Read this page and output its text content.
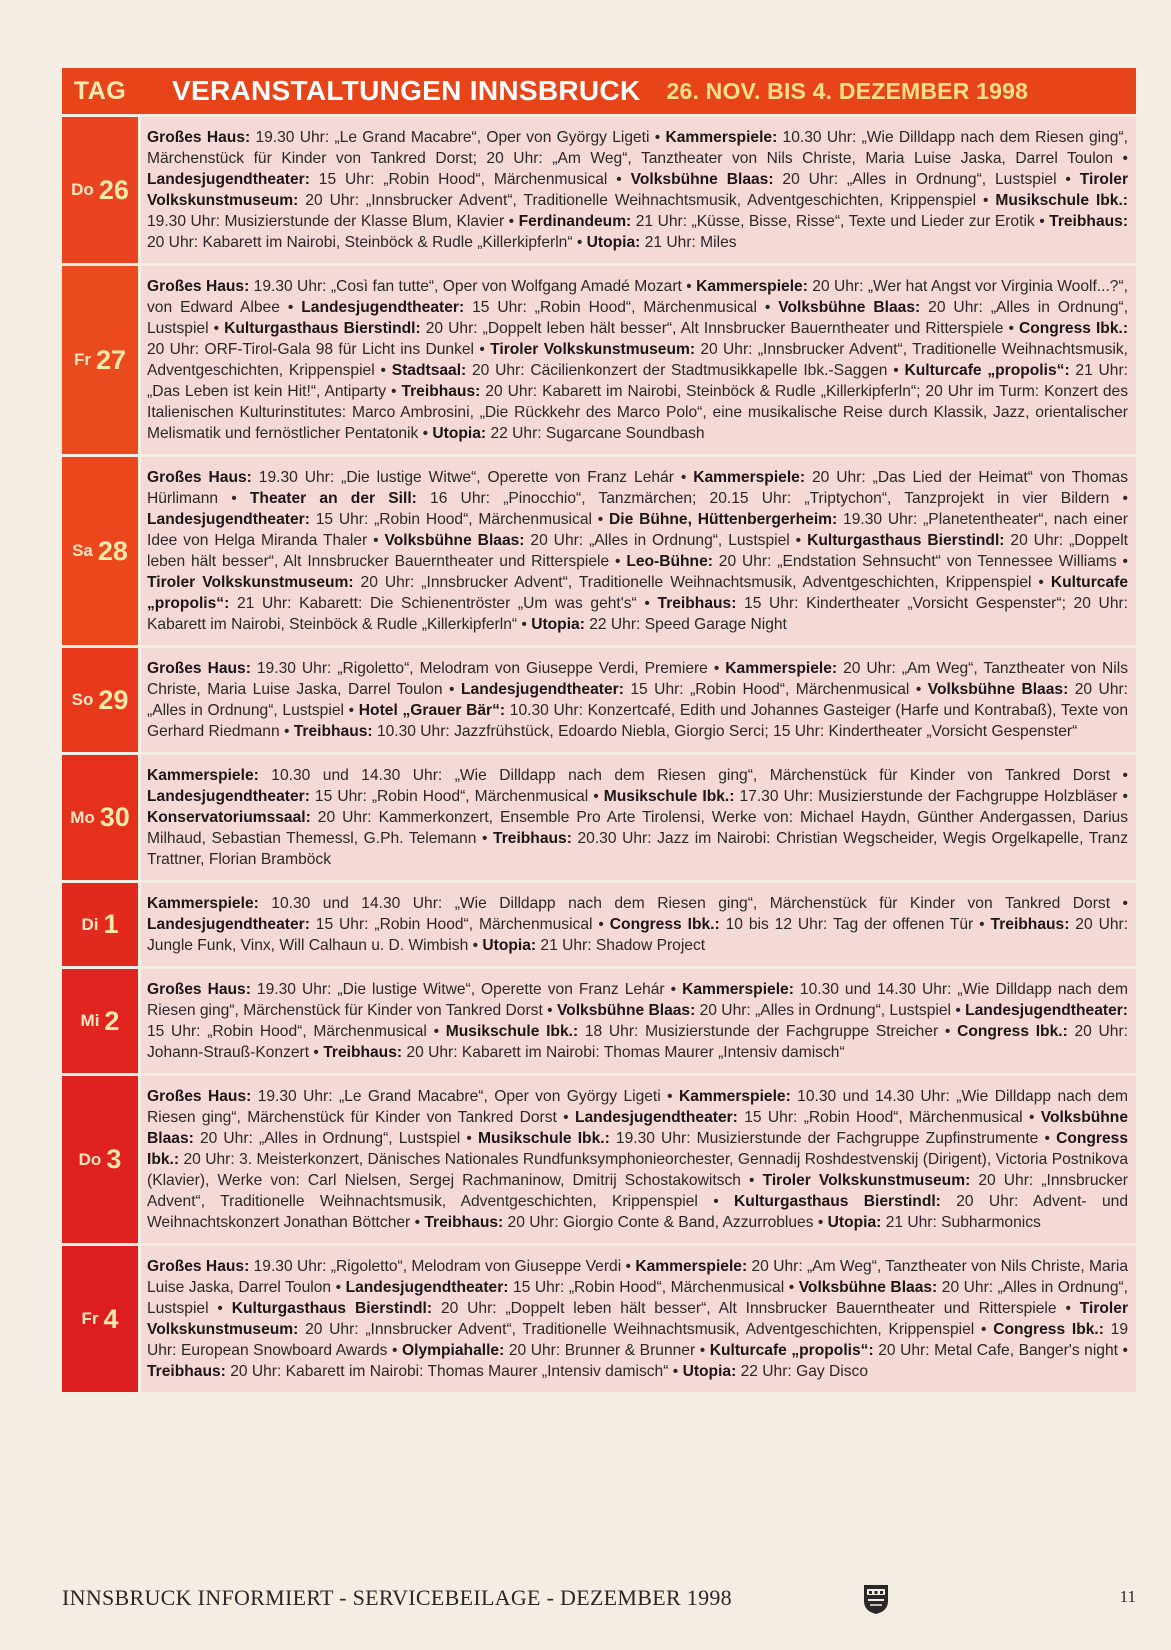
TAG	VERANSTALTUNGEN INNSBRUCK 26. NOV. BIS 4. DEZEMBER 1998
Do 26
Großes Haus: 19.30 Uhr: „Le Grand Macabre“, Oper von György Ligeti • Kammerspiele: 10.30 Uhr: „Wie Dilldapp nach dem Riesen ging“, Märchenstück für Kinder von Tankred Dorst; 20 Uhr: „Am Weg“, Tanztheater von Nils Christe, Maria Luise Jaska, Darrel Toulon • Landesjugendtheater: 15 Uhr: „Robin Hood“, Märchenmusical • Volksbühne Blaas: 20 Uhr: „Alles in Ordnung“, Lustspiel • Tiroler Volkskunstmuseum: 20 Uhr: „Innsbrucker Advent“, Traditionelle Weihnachtsmusik, Adventgeschichten, Krippenspiel • Musikschule Ibk.: 19.30 Uhr: Musizierstunde der Klasse Blum, Klavier • Ferdinandeum: 21 Uhr: „Küsse, Bisse, Risse“, Texte und Lieder zur Erotik • Treibhaus: 20 Uhr: Kabarett im Nairobi, Steinböck & Rudle „Killerkipferln“ • Utopia: 21 Uhr: Miles
Fr 27
Großes Haus: 19.30 Uhr: „Così fan tutte“, Oper von Wolfgang Amadé Mozart • Kammerspiele: 20 Uhr: „Wer hat Angst vor Virginia Woolf...?“, von Edward Albee • Landesjugendtheater: 15 Uhr: „Robin Hood“, Märchenmusical • Volksbühne Blaas: 20 Uhr: „Alles in Ordnung“, Lustspiel • Kulturgasthaus Bierstindl: 20 Uhr: „Doppelt leben hält besser“, Alt Innsbrucker Bauerntheater und Ritterspiele • Congress Ibk.: 20 Uhr: ORF-Tirol-Gala 98 für Licht ins Dunkel • Tiroler Volkskunstmuseum: 20 Uhr: „Innsbrucker Advent“, Traditionelle Weihnachtsmusik, Adventgeschichten, Krippenspiel • Stadtsaal: 20 Uhr: Cäcilienkonzert der Stadtmusikkapelle Ibk.-Saggen • Kulturcafe „propolis“: 21 Uhr: „Das Leben ist kein Hit!“, Antiparty • Treibhaus: 20 Uhr: Kabarett im Nairobi, Steinböck & Rudle „Killerkipferln“; 20 Uhr im Turm: Konzert des Italienischen Kulturinstitutes: Marco Ambrosini, „Die Rückkehr des Marco Polo“, eine musikalische Reise durch Klassik, Jazz, orientalischer Melismatik und fernöstlicher Pentatonik • Utopia: 22 Uhr: Sugarcane Soundbash
Sa 28
Großes Haus: 19.30 Uhr: „Die lustige Witwe“, Operette von Franz Lehár • Kammerspiele: 20 Uhr: „Das Lied der Heimat“ von Thomas Hürlimann • Theater an der Sill: 16 Uhr: „Pinocchio“, Tanzmärchen; 20.15 Uhr: „Triptychon“, Tanzprojekt in vier Bildern • Landesjugendtheater: 15 Uhr: „Robin Hood“, Märchenmusical • Die Bühne, Hüttenbergerheim: 19.30 Uhr: „Planetentheater“, nach einer Idee von Helga Miranda Thaler • Volksbühne Blaas: 20 Uhr: „Alles in Ordnung“, Lustspiel • Kulturgasthaus Bierstindl: 20 Uhr: „Doppelt leben hält besser“, Alt Innsbrucker Bauerntheater und Ritterspiele • Leo-Bühne: 20 Uhr: „Endstation Sehnsucht“ von Tennessee Williams • Tiroler Volkskunstmuseum: 20 Uhr: „Innsbrucker Advent“, Traditionelle Weihnachtsmusik, Adventgeschichten, Krippenspiel • Kulturcafe „propolis“: 21 Uhr: Kabarett: Die Schienentröster „Um was geht's“ • Treibhaus: 15 Uhr: Kindertheater „Vorsicht Gespenster“; 20 Uhr: Kabarett im Nairobi, Steinböck & Rudle „Killerkipferln“ • Utopia: 22 Uhr: Speed Garage Night
So 29
Großes Haus: 19.30 Uhr: „Rigoletto“, Melodram von Giuseppe Verdi, Premiere • Kammerspiele: 20 Uhr: „Am Weg“, Tanztheater von Nils Christe, Maria Luise Jaska, Darrel Toulon • Landesjugendtheater: 15 Uhr: „Robin Hood“, Märchenmusical • Volksbühne Blaas: 20 Uhr: „Alles in Ordnung“, Lustspiel • Hotel „Grauer Bär“: 10.30 Uhr: Konzertcafé, Edith und Johannes Gasteiger (Harfe und Kontrabaß), Texte von Gerhard Riedmann • Treibhaus: 10.30 Uhr: Jazzfrühstück, Edoardo Niebla, Giorgio Serci; 15 Uhr: Kindertheater „Vorsicht Gespenster“
Mo 30
Kammerspiele: 10.30 und 14.30 Uhr: „Wie Dilldapp nach dem Riesen ging“, Märchenstück für Kinder von Tankred Dorst • Landesjugendtheater: 15 Uhr: „Robin Hood“, Märchenmusical • Musikschule Ibk.: 17.30 Uhr: Musizierstunde der Fachgruppe Holzbläser • Konservatoriumssaal: 20 Uhr: Kammerkonzert, Ensemble Pro Arte Tirolensi, Werke von: Michael Haydn, Günther Andergassen, Darius Milhaud, Sebastian Themessl, G.Ph. Telemann • Treibhaus: 20.30 Uhr: Jazz im Nairobi: Christian Wegscheider, Wegis Orgelkapelle, Tranz Trattner, Florian Bramböck
Di 1
Kammerspiele: 10.30 und 14.30 Uhr: „Wie Dilldapp nach dem Riesen ging“, Märchenstück für Kinder von Tankred Dorst • Landesjugendtheater: 15 Uhr: „Robin Hood“, Märchenmusical • Congress Ibk.: 10 bis 12 Uhr: Tag der offenen Tür • Treibhaus: 20 Uhr: Jungle Funk, Vinx, Will Calhaun u. D. Wimbish • Utopia: 21 Uhr: Shadow Project
Mi 2
Großes Haus: 19.30 Uhr: „Die lustige Witwe“, Operette von Franz Lehár • Kammerspiele: 10.30 und 14.30 Uhr: „Wie Dilldapp nach dem Riesen ging“, Märchenstück für Kinder von Tankred Dorst • Volksbühne Blaas: 20 Uhr: „Alles in Ordnung“, Lustspiel • Landesjugendtheater: 15 Uhr: „Robin Hood“, Märchenmusical • Musikschule Ibk.: 18 Uhr: Musizierstunde der Fachgruppe Streicher • Congress Ibk.: 20 Uhr: Johann-Strauß-Konzert • Treibhaus: 20 Uhr: Kabarett im Nairobi: Thomas Maurer „Intensiv damisch“
Do 3
Großes Haus: 19.30 Uhr: „Le Grand Macabre“, Oper von György Ligeti • Kammerspiele: 10.30 und 14.30 Uhr: „Wie Dilldapp nach dem Riesen ging“, Märchenstück für Kinder von Tankred Dorst • Landesjugendtheater: 15 Uhr: „Robin Hood“, Märchenmusical • Volksbühne Blaas: 20 Uhr: „Alles in Ordnung“, Lustspiel • Musikschule Ibk.: 19.30 Uhr: Musizierstunde der Fachgruppe Zupfinstrumente • Congress Ibk.: 20 Uhr: 3. Meisterkonzert, Dänisches Nationales Rundfunksymphonieorchester, Gennadij Roshdestvenskij (Dirigent), Victoria Postnikova (Klavier), Werke von: Carl Nielsen, Sergej Rachmaninow, Dmitrij Schostakowitsch • Tiroler Volkskunstmuseum: 20 Uhr: „Innsbrucker Advent“, Traditionelle Weihnachtsmusik, Adventgeschichten, Krippenspiel • Kulturgasthaus Bierstindl: 20 Uhr: Advent- und Weihnachtskonzert Jonathan Böttcher • Treibhaus: 20 Uhr: Giorgio Conte & Band, Azzurroblues • Utopia: 21 Uhr: Subharmonics
Fr 4
Großes Haus: 19.30 Uhr: „Rigoletto“, Melodram von Giuseppe Verdi • Kammerspiele: 20 Uhr: „Am Weg“, Tanztheater von Nils Christe, Maria Luise Jaska, Darrel Toulon • Landesjugendtheater: 15 Uhr: „Robin Hood“, Märchenmusical • Volksbühne Blaas: 20 Uhr: „Alles in Ordnung“, Lustspiel • Kulturgasthaus Bierstindl: 20 Uhr: „Doppelt leben hält besser“, Alt Innsbrucker Bauerntheater und Ritterspiele • Tiroler Volkskunstmuseum: 20 Uhr: „Innsbrucker Advent“, Traditionelle Weihnachtsmusik, Adventgeschichten, Krippenspiel • Congress Ibk.: 19 Uhr: European Snowboard Awards • Olympiahalle: 20 Uhr: Brunner & Brunner • Kulturcafe „propolis“: 20 Uhr: Metal Cafe, Banger's night • Treibhaus: 20 Uhr: Kabarett im Nairobi: Thomas Maurer „Intensiv damisch“ • Utopia: 22 Uhr: Gay Disco
INNSBRUCK INFORMIERT - SERVICEBEILAGE - DEZEMBER 1998	11
